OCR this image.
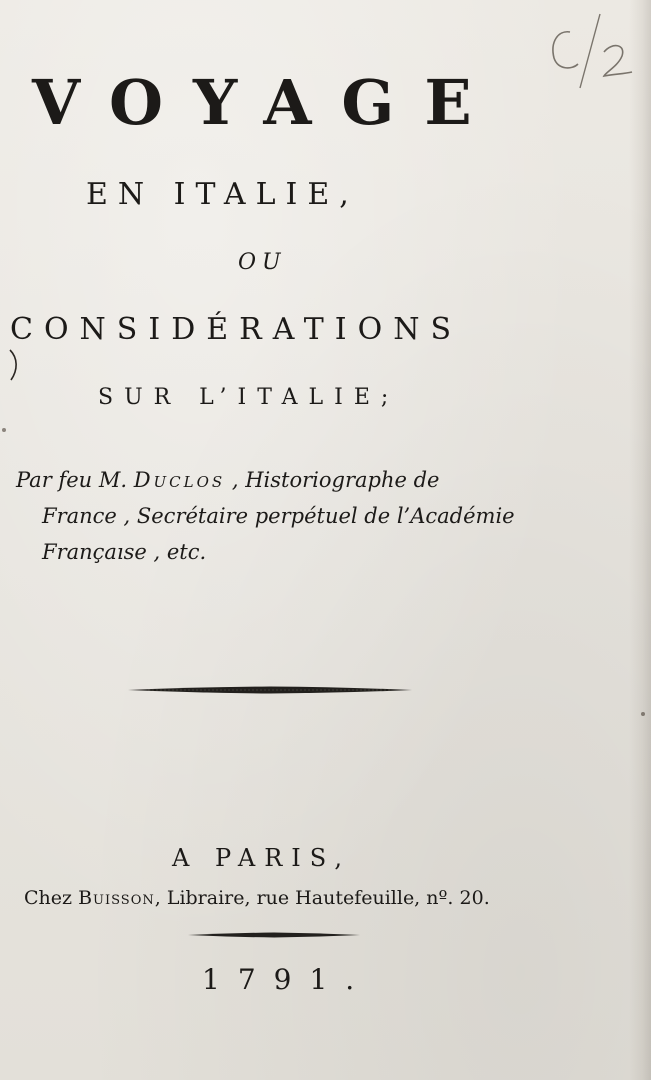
VOYAGE
EN ITALIE,
OU
CONSIDÉRATIONS
SUR L’ITALIE;
Par feu M. Duclos , Historiographe de
France , Secrétaire perpétuel de l’Académie
Françaıse , etc.
A PARIS,
Chez Buisson, Libraire, rue Hautefeuille, nº. 20.
1791.
